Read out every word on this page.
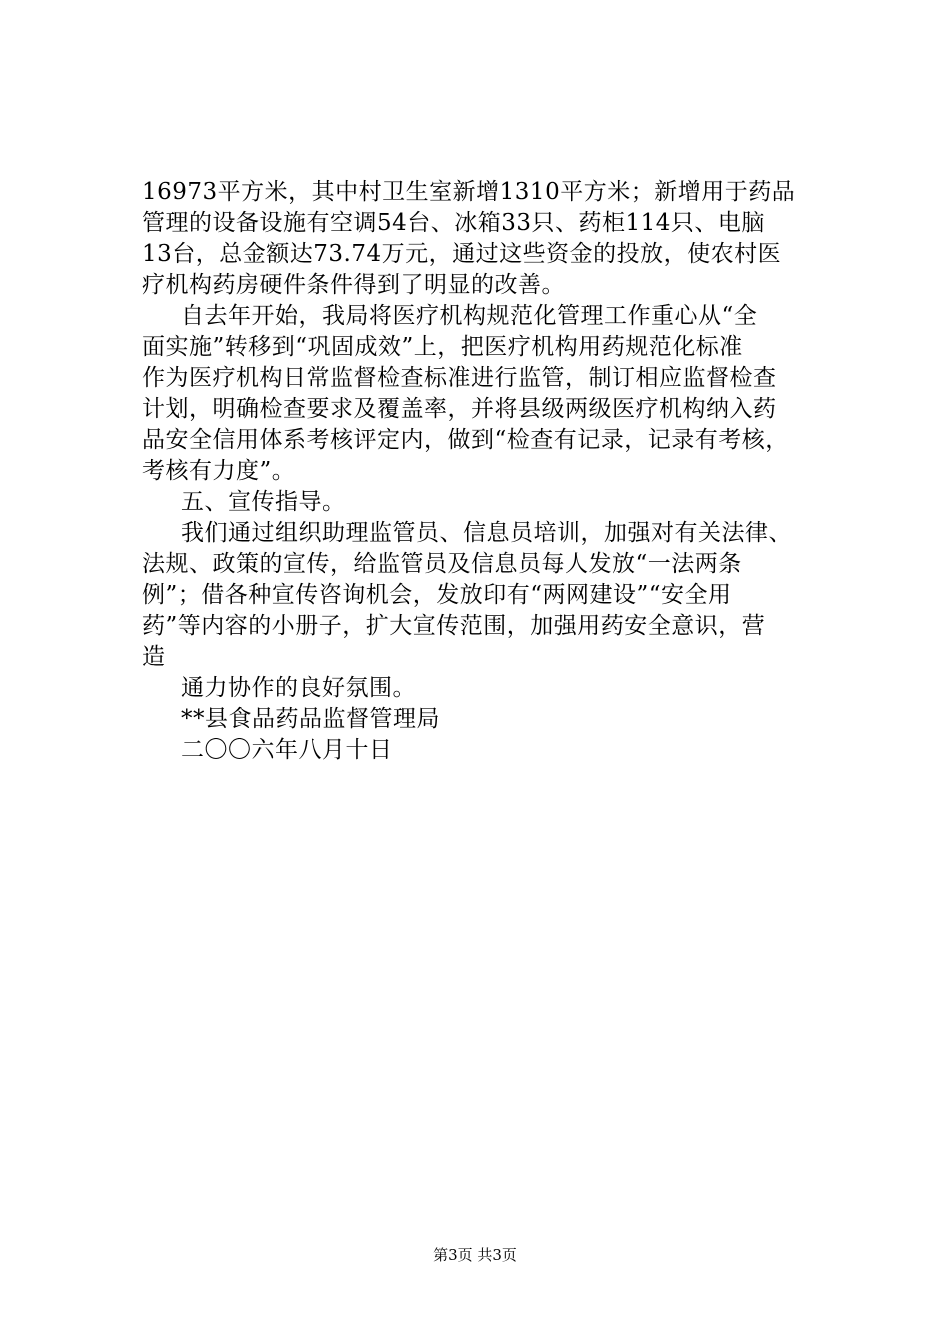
16973平方米，其中村卫生室新增1310平方米；新增用于药品
管理的设备设施有空调54台、冰箱33只、药柜114只、电脑
13台，总金额达73.74万元，通过这些资金的投放，使农村医
疗机构药房硬件条件得到了明显的改善。
自去年开始，我局将医疗机构规范化管理工作重心从“全
面实施”转移到“巩固成效”上，把医疗机构用药规范化标准
作为医疗机构日常监督检查标准进行监管，制订相应监督检查
计划，明确检查要求及覆盖率，并将县级两级医疗机构纳入药
品安全信用体系考核评定内，做到“检查有记录，记录有考核，
考核有力度”。
五、宣传指导。
我们通过组织助理监管员、信息员培训，加强对有关法律、
法规、政策的宣传，给监管员及信息员每人发放“一法两条
例”；借各种宣传咨询机会，发放印有“两网建设”“安全用
药”等内容的小册子，扩大宣传范围，加强用药安全意识，营
造
通力协作的良好氛围。
**县食品药品监督管理局
二〇〇六年八月十日
第3页 共3页
